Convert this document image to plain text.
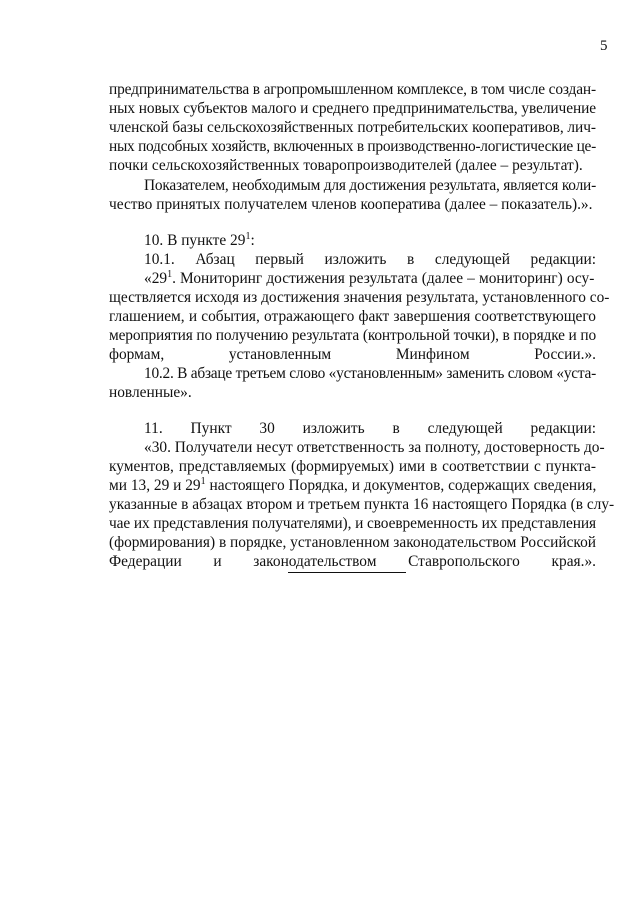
5
предпринимательства в агропромышленном комплексе, в том числе создан-
ных новых субъектов малого и среднего предпринимательства, увеличение
членской базы сельскохозяйственных потребительских кооперативов, лич-
ных подсобных хозяйств, включенных в производственно-логистические це-
почки сельскохозяйственных товаропроизводителей (далее – результат).
Показателем, необходимым для достижения результата, является коли-
чество принятых получателем членов кооператива (далее – показатель).».
10. В пункте $29^1$:
10.1. Абзац первый изложить в следующей редакции:
«$29^1$. Мониторинг достижения результата (далее – мониторинг) осу-
ществляется исходя из достижения значения результата, установленного со-
глашением, и события, отражающего факт завершения соответствующего
мероприятия по получению результата (контрольной точки), в порядке и по
формам, установленным Минфином России.».
10.2. В абзаце третьем слово «установленным» заменить словом «уста-
новленные».
11. Пункт 30 изложить в следующей редакции:
«30. Получатели несут ответственность за полноту, достоверность до-
кументов, представляемых (формируемых) ими в соответствии с пункта-
ми 13, 29 и $29^1$ настоящего Порядка, и документов, содержащих сведения,
указанные в абзацах втором и третьем пункта 16 настоящего Порядка (в слу-
чае их представления получателями), и своевременность их представления
(формирования) в порядке, установленном законодательством Российской
Федерации и законодательством Ставропольского края.».
